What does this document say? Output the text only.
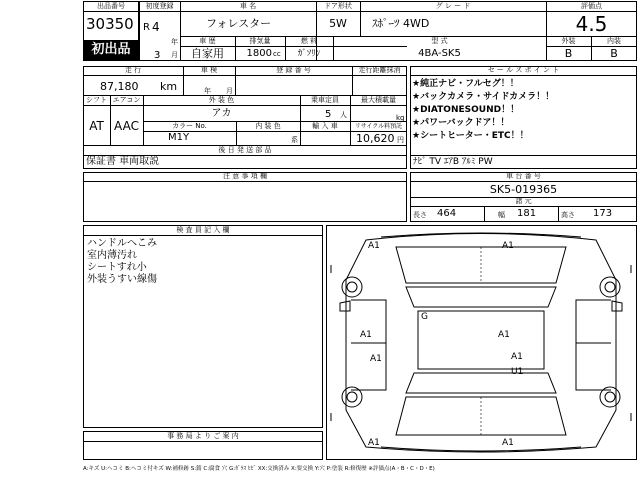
出品番号
30350
初出品
初度登録
R 4
年
3 月
車 名
フォレスター
車 歴
自家用
排気量
1800 cc
ドア形状
5W
燃 料
ｶﾞｿﾘﾝ
グ レ ー ド
ｽﾎﾟｰﾂ 4WD
型 式
4BA-SK5
評価点
4.5
外装	内装
B	B
走 行
87,180 km
車 検
年 月
登 録 番 号	走行距離抹消
シフト エアコン
AT AAC
外 装 色
アカ
乗車定員
5 人
最大積載量
kg
カラー No.	内 装 色
M1Y	系
輸 入 車	リサイクル料預託
10,620 円
後 日 発 送 部 品
保証書 車両取説
セ ー ル ス ポ イ ン ト
★純正ナビ・フルセグ！！
★バックカメラ・サイドカメラ！！
★DIATONESOUND！！
★パワーバックドア！！
★シートヒーター・ETC！！
ﾅﾋﾞ TV ｴｱB ｱﾙﾐ PW
注 意 事 項 欄	車 台 番 号
SK5-019365
諸 元
長さ 464	幅 181	高さ 173
検 査 員 記 入 欄
ハンドルへこみ
室内薄汚れ
シートすれ小
外装うすい線傷
事 務 局 よ り ご 案 内
A1	A1
G
A1	A1
A1	A1
U1
A1	A1
A:キズ U:ヘコミ B:ヘコミ付キズ W:補修跡 S:錆 C:腐食 穴 G:ｶﾞﾗｽ ﾋﾋﾞ XX:交換済み X:要交換 Y:穴 P:塗装 R:修復歴 ※評価点(A・B・C・D・E)
